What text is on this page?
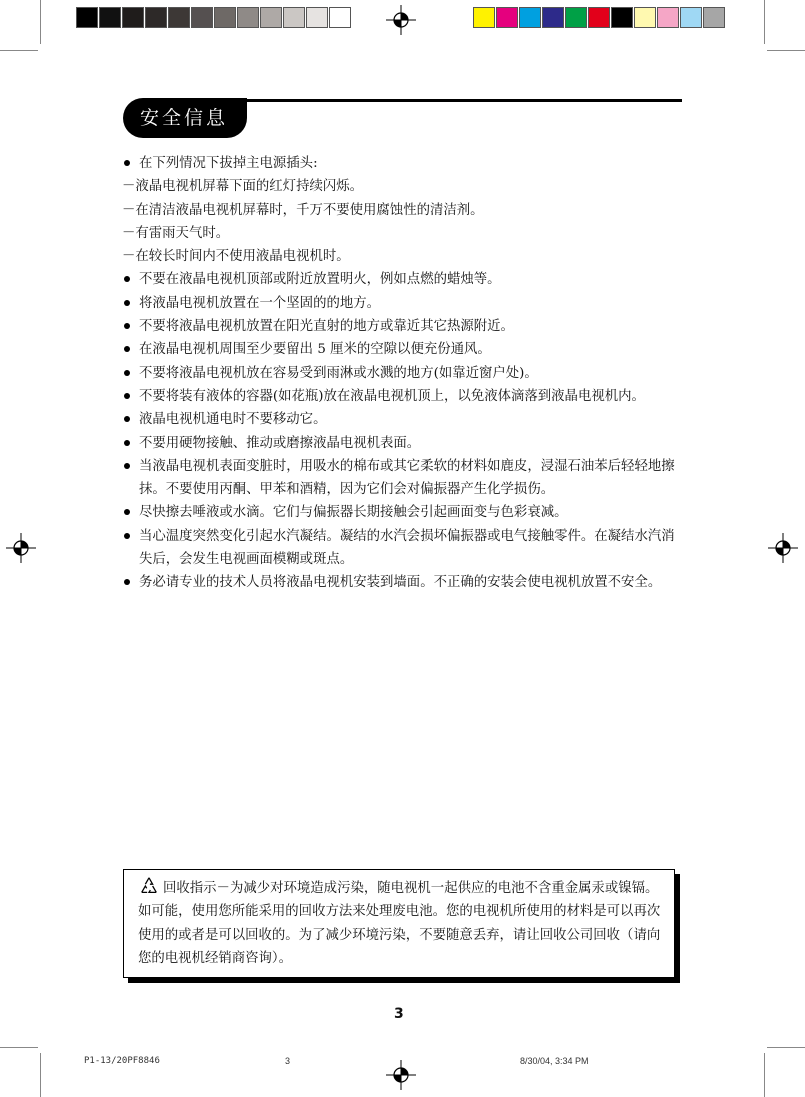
安全信息
在下列情况下拔掉主电源插头:
－液晶电视机屏幕下面的红灯持续闪烁。
－在清洁液晶电视机屏幕时，千万不要使用腐蚀性的清洁剂。
－有雷雨天气时。
－在较长时间内不使用液晶电视机时。
不要在液晶电视机顶部或附近放置明火，例如点燃的蜡烛等。
将液晶电视机放置在一个坚固的的地方。
不要将液晶电视机放置在阳光直射的地方或靠近其它热源附近。
在液晶电视机周围至少要留出 5 厘米的空隙以便充份通风。
不要将液晶电视机放在容易受到雨淋或水溅的地方(如靠近窗户处)。
不要将装有液体的容器(如花瓶)放在液晶电视机顶上，以免液体滴落到液晶电视机内。
液晶电视机通电时不要移动它。
不要用硬物接触、推动或磨擦液晶电视机表面。
当液晶电视机表面变脏时，用吸水的棉布或其它柔软的材料如鹿皮，浸湿石油苯后轻轻地擦抹。不要使用丙酮、甲苯和酒精，因为它们会对偏振器产生化学损伤。
尽快擦去唾液或水滴。它们与偏振器长期接触会引起画面变与色彩衰减。
当心温度突然变化引起水汽凝结。凝结的水汽会损坏偏振器或电气接触零件。在凝结水汽消失后，会发生电视画面模糊或斑点。
务必请专业的技术人员将液晶电视机安装到墙面。不正确的安装会使电视机放置不安全。
回收指示－为减少对环境造成污染，随电视机一起供应的电池不含重金属汞或镍镉。如可能，使用您所能采用的回收方法来处理废电池。您的电视机所使用的材料是可以再次使用的或者是可以回收的。为了减少环境污染，不要随意丢弃，请让回收公司回收（请向您的电视机经销商咨询）。
3
P1-13/20PF8846	3	8/30/04, 3:34 PM
